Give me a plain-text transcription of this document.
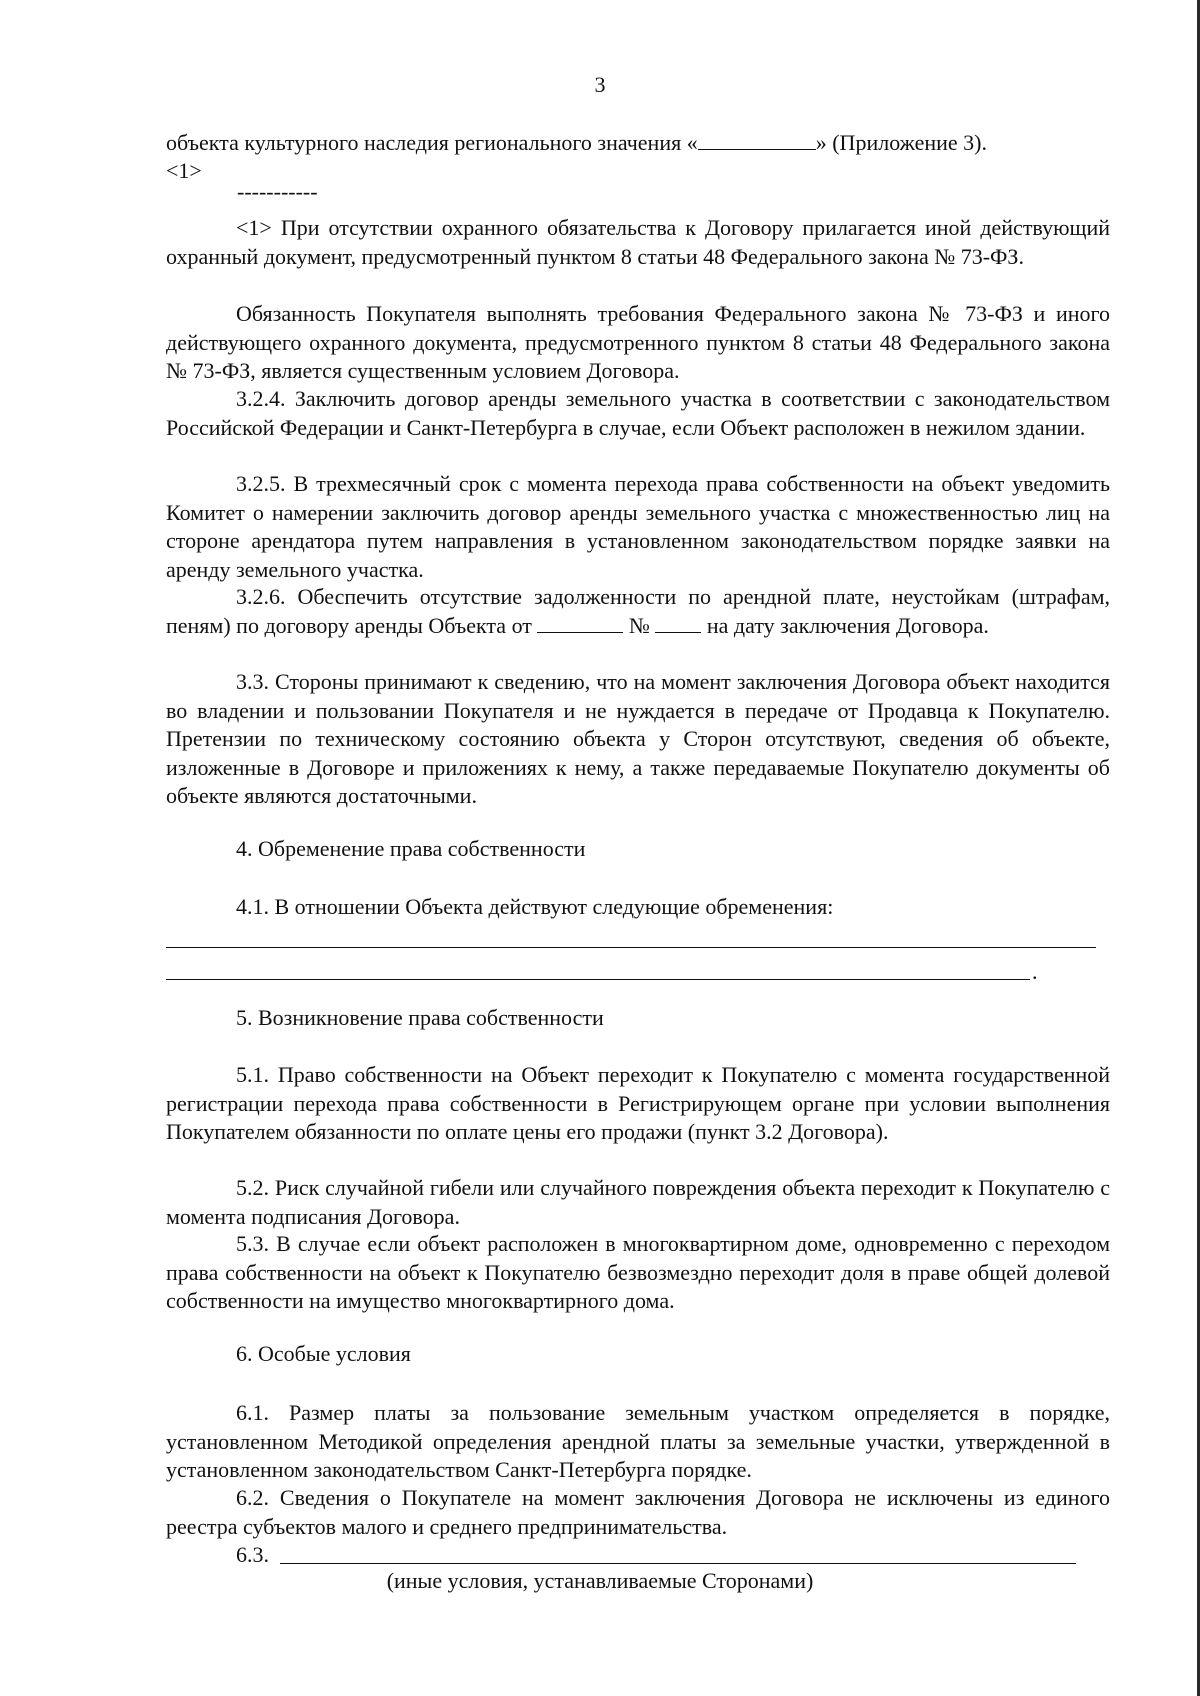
3
объекта культурного наследия регионального значения «	» (Приложение 3).
<1>
-----------
<1> При отсутствии охранного обязательства к Договору прилагается иной действующий охранный документ, предусмотренный пунктом 8 статьи 48 Федерального закона № 73-ФЗ.
Обязанность Покупателя выполнять требования Федерального закона № 73-ФЗ и иного действующего охранного документа, предусмотренного пунктом 8 статьи 48 Федерального закона № 73-ФЗ, является существенным условием Договора.
3.2.4. Заключить договор аренды земельного участка в соответствии с законодательством Российской Федерации и Санкт-Петербурга в случае, если Объект расположен в нежилом здании.
3.2.5. В трехмесячный срок с момента перехода права собственности на объект уведомить Комитет о намерении заключить договор аренды земельного участка с множественностью лиц на стороне арендатора путем направления в установленном законодательством порядке заявки на аренду земельного участка.
3.2.6. Обеспечить отсутствие задолженности по арендной плате, неустойкам (штрафам, пеням) по договору аренды Объекта от	№	на дату заключения Договора.
3.3. Стороны принимают к сведению, что на момент заключения Договора объект находится во владении и пользовании Покупателя и не нуждается в передаче от Продавца к Покупателю. Претензии по техническому состоянию объекта у Сторон отсутствуют, сведения об объекте, изложенные в Договоре и приложениях к нему, а также передаваемые Покупателю документы об объекте являются достаточными.
4. Обременение права собственности
4.1. В отношении Объекта действуют следующие обременения:
.
5. Возникновение права собственности
5.1. Право собственности на Объект переходит к Покупателю с момента государственной регистрации перехода права собственности в Регистрирующем органе при условии выполнения Покупателем обязанности по оплате цены его продажи (пункт 3.2 Договора).
5.2. Риск случайной гибели или случайного повреждения объекта переходит к Покупателю с момента подписания Договора.
5.3. В случае если объект расположен в многоквартирном доме, одновременно с переходом права собственности на объект к Покупателю безвозмездно переходит доля в праве общей долевой собственности на имущество многоквартирного дома.
6. Особые условия
6.1. Размер платы за пользование земельным участком определяется в порядке, установленном Методикой определения арендной платы за земельные участки, утвержденной в установленном законодательством Санкт-Петербурга порядке.
6.2. Сведения о Покупателе на момент заключения Договора не исключены из единого реестра субъектов малого и среднего предпринимательства.
6.3.
(иные условия, устанавливаемые Сторонами)
